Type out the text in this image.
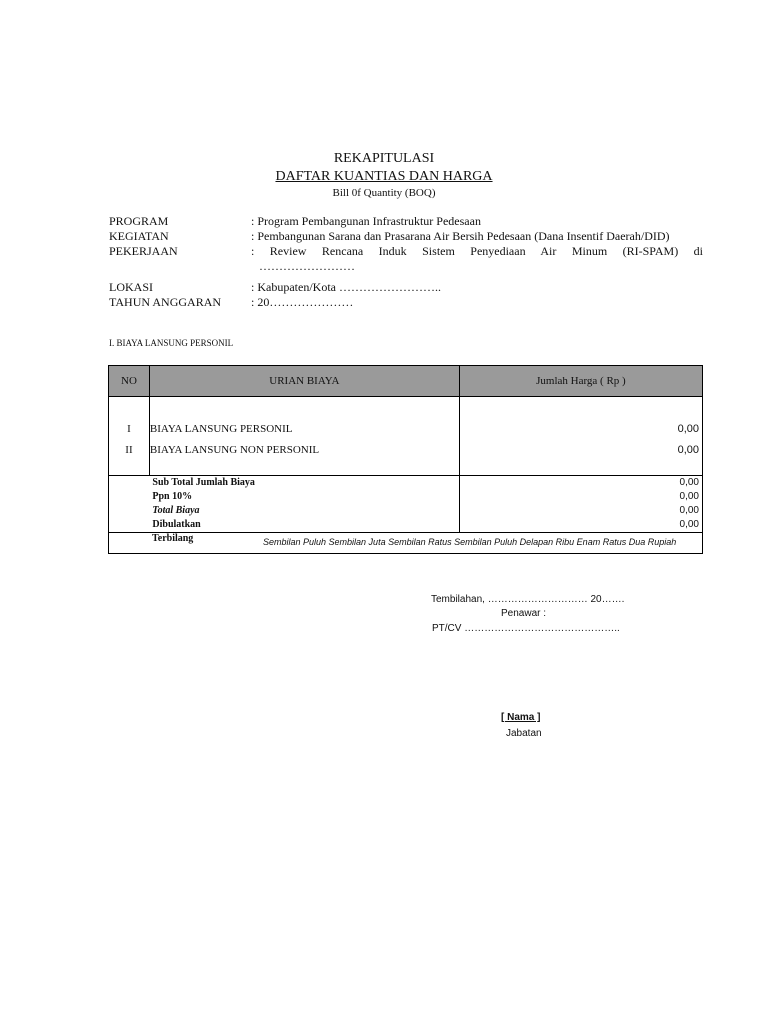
REKAPITULASI
DAFTAR KUANTIAS DAN HARGA
Bill 0f Quantity (BOQ)
PROGRAM	: Program Pembangunan Infrastruktur Pedesaan
KEGIATAN	: Pembangunan Sarana dan Prasarana Air Bersih Pedesaan (Dana Insentif Daerah/DID)
PEKERJAAN	: Review Rencana Induk Sistem Penyediaan Air Minum (RI-SPAM) di
……………………
LOKASI	: Kabupaten/Kota ……………………..
TAHUN ANGGARAN	: 20…………………
I. BIAYA LANSUNG PERSONIL
NO	URIAN BIAYA	Jumlah Harga ( Rp )
I	BIAYA LANSUNG PERSONIL	0,00
II	BIAYA LANSUNG NON PERSONIL	0,00

	Sub Total Jumlah Biaya	0,00
	Ppn 10%	0,00
	Total Biaya	0,00
	Dibulatkan	0,00

Terbilang Sembilan Puluh Sembilan Juta Sembilan Ratus Sembilan Puluh Delapan Ribu Enam Ratus Dua Rupiah		
Tembilahan, ………………………… 20…….
Penawar :
PT/CV ………………………………………..
[ Nama ]
Jabatan
